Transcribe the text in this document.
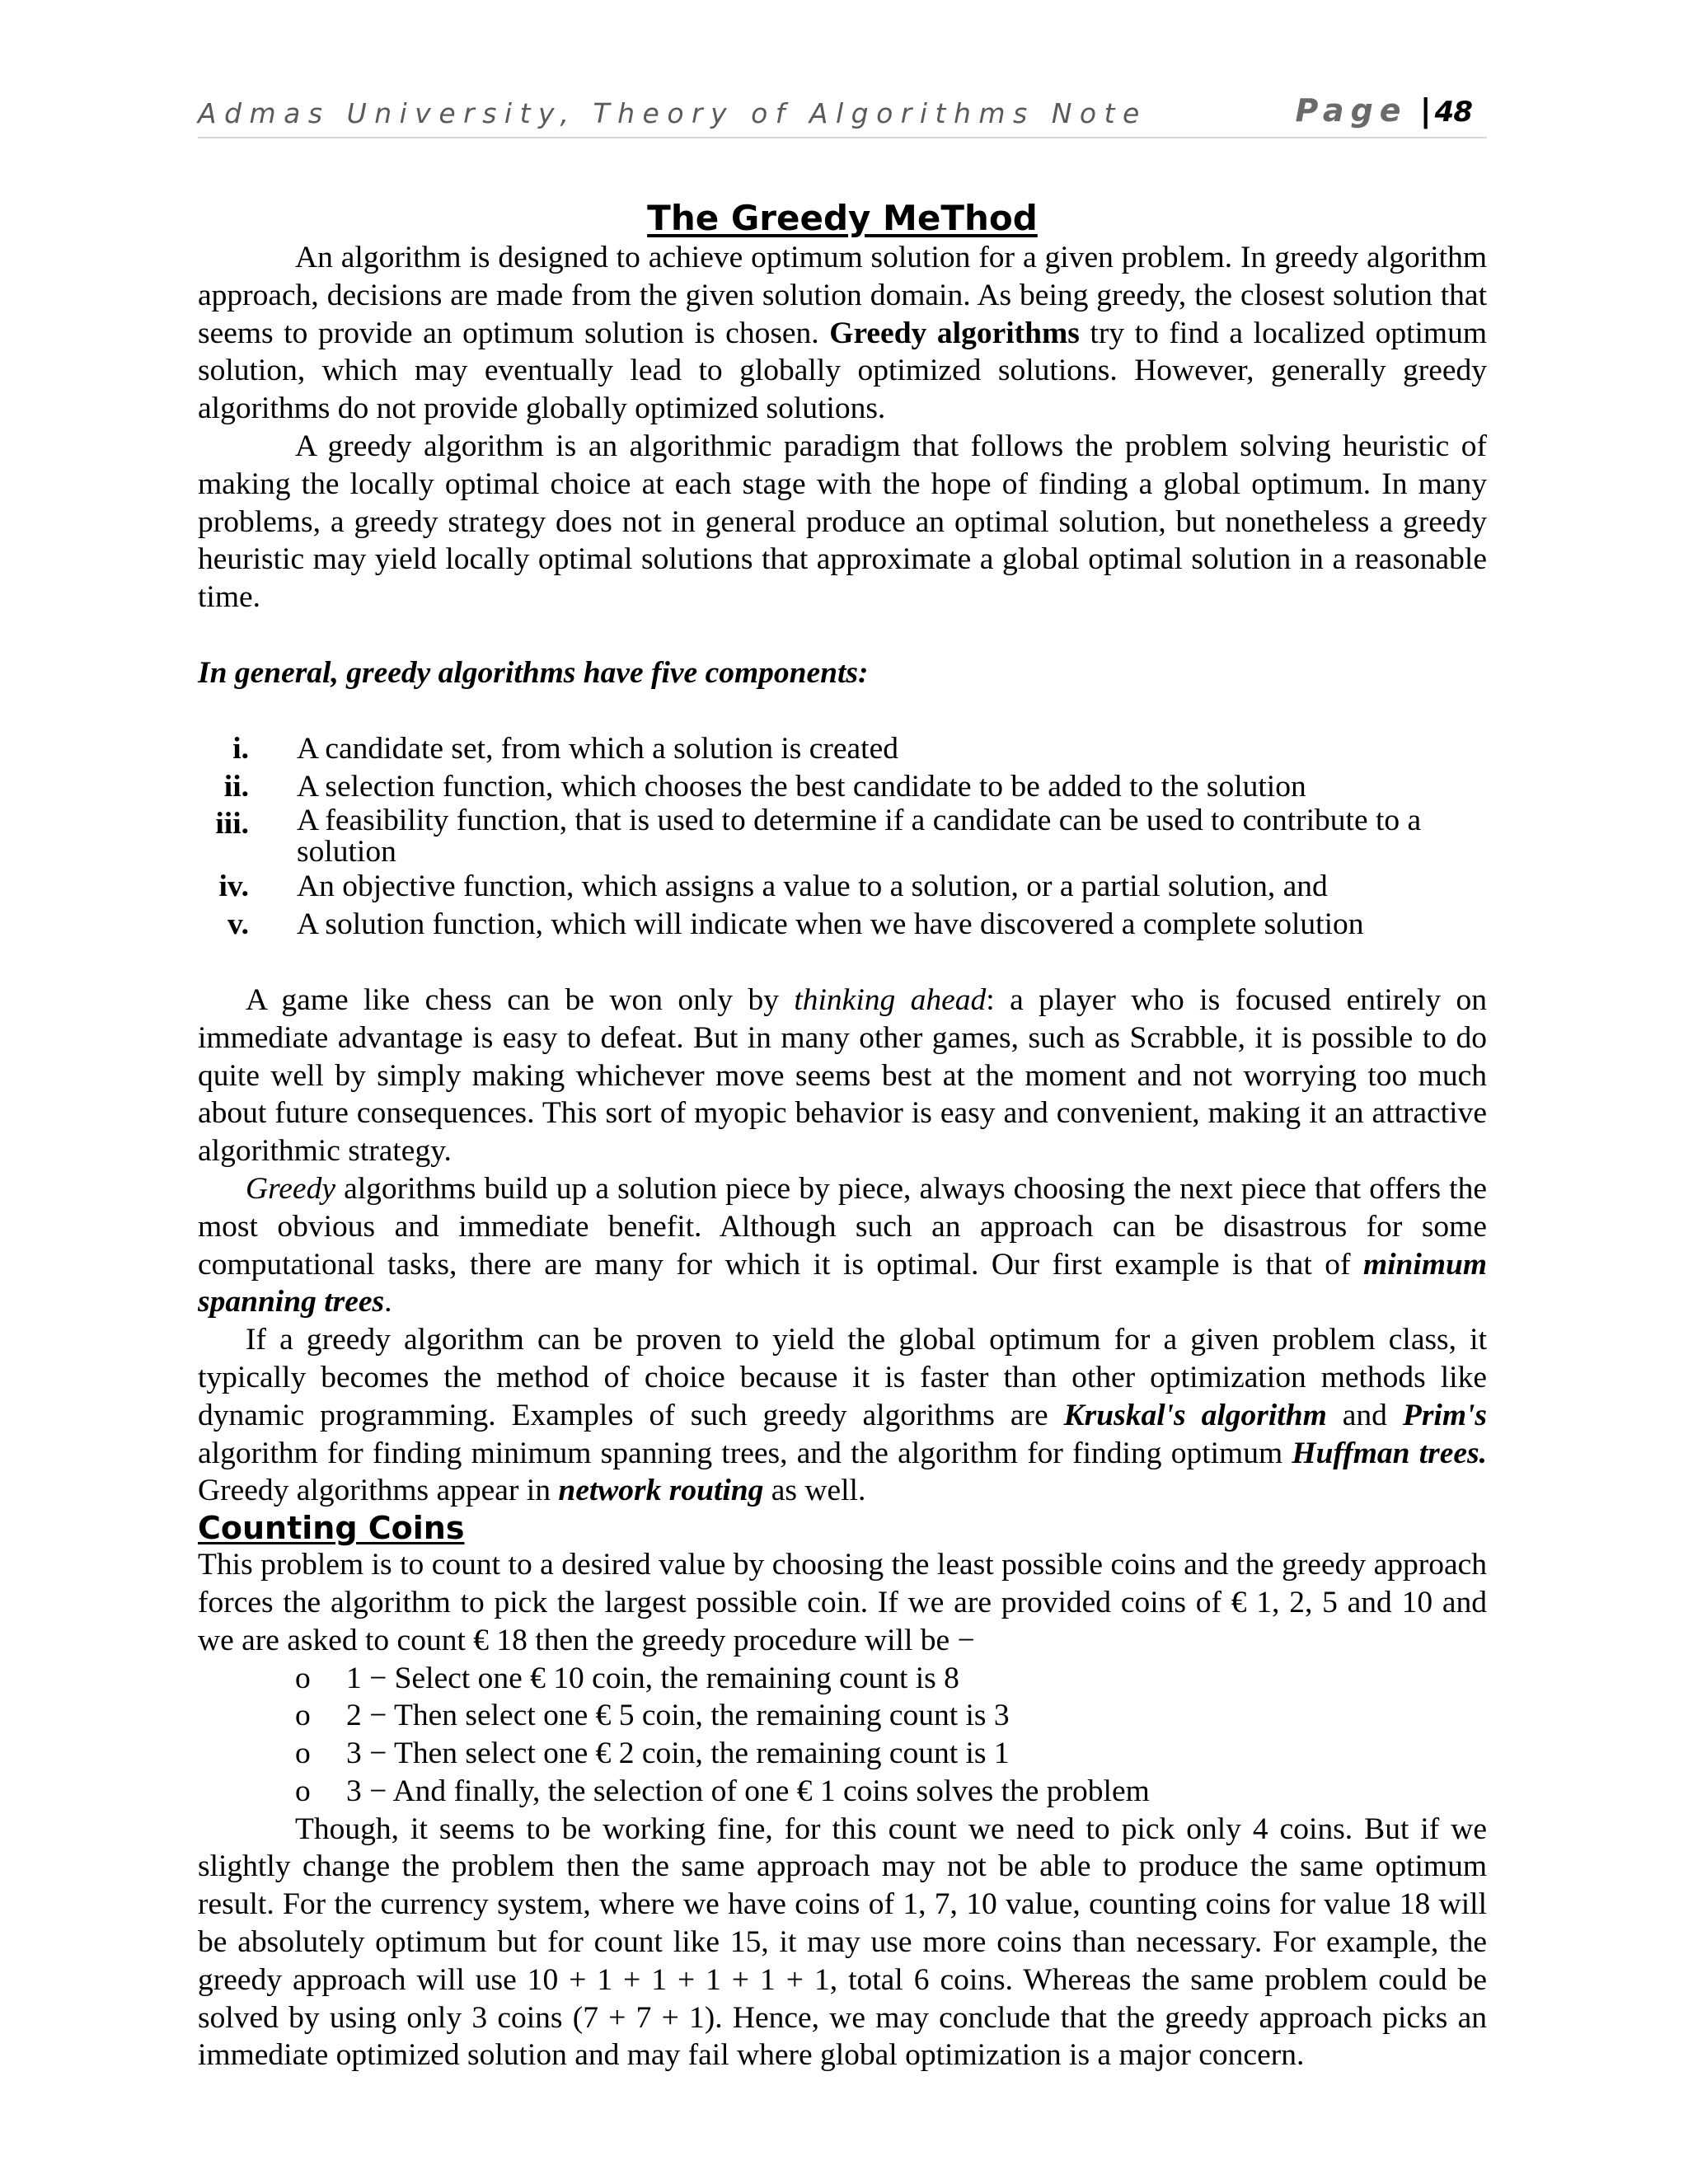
Admas University, Theory of Algorithms Note	Page | 48
The Greedy MeThod

An algorithm is designed to achieve optimum solution for a given problem. In greedy algorithm approach, decisions are made from the given solution domain. As being greedy, the closest solution that seems to provide an optimum solution is chosen. Greedy algorithms try to find a localized optimum solution, which may eventually lead to globally optimized solutions. However, generally greedy algorithms do not provide globally optimized solutions.

A greedy algorithm is an algorithmic paradigm that follows the problem solving heuristic of making the locally optimal choice at each stage with the hope of finding a global optimum. In many problems, a greedy strategy does not in general produce an optimal solution, but nonetheless a greedy heuristic may yield locally optimal solutions that approximate a global optimal solution in a reasonable time.

In general, greedy algorithms have five components:

i. A candidate set, from which a solution is created
ii. A selection function, which chooses the best candidate to be added to the solution
iii. A feasibility function, that is used to determine if a candidate can be used to contribute to a solution
iv. An objective function, which assigns a value to a solution, or a partial solution, and
v. A solution function, which will indicate when we have discovered a complete solution

A game like chess can be won only by thinking ahead: a player who is focused entirely on immediate advantage is easy to defeat. But in many other games, such as Scrabble, it is possible to do quite well by simply making whichever move seems best at the moment and not worrying too much about future consequences. This sort of myopic behavior is easy and convenient, making it an attractive algorithmic strategy.

Greedy algorithms build up a solution piece by piece, always choosing the next piece that offers the most obvious and immediate benefit. Although such an approach can be disastrous for some computational tasks, there are many for which it is optimal. Our first example is that of minimum spanning trees.

If a greedy algorithm can be proven to yield the global optimum for a given problem class, it typically becomes the method of choice because it is faster than other optimization methods like dynamic programming. Examples of such greedy algorithms are Kruskal's algorithm and Prim's algorithm for finding minimum spanning trees, and the algorithm for finding optimum Huffman trees. Greedy algorithms appear in network routing as well.

Counting Coins

This problem is to count to a desired value by choosing the least possible coins and the greedy approach forces the algorithm to pick the largest possible coin. If we are provided coins of € 1, 2, 5 and 10 and we are asked to count € 18 then the greedy procedure will be −

o	1 − Select one € 10 coin, the remaining count is 8
o	2 − Then select one € 5 coin, the remaining count is 3
o	3 − Then select one € 2 coin, the remaining count is 1
o	3 − And finally, the selection of one € 1 coins solves the problem

Though, it seems to be working fine, for this count we need to pick only 4 coins. But if we slightly change the problem then the same approach may not be able to produce the same optimum result. For the currency system, where we have coins of 1, 7, 10 value, counting coins for value 18 will be absolutely optimum but for count like 15, it may use more coins than necessary. For example, the greedy approach will use 10 + 1 + 1 + 1 + 1 + 1, total 6 coins. Whereas the same problem could be solved by using only 3 coins (7 + 7 + 1). Hence, we may conclude that the greedy approach picks an immediate optimized solution and may fail where global optimization is a major concern.
